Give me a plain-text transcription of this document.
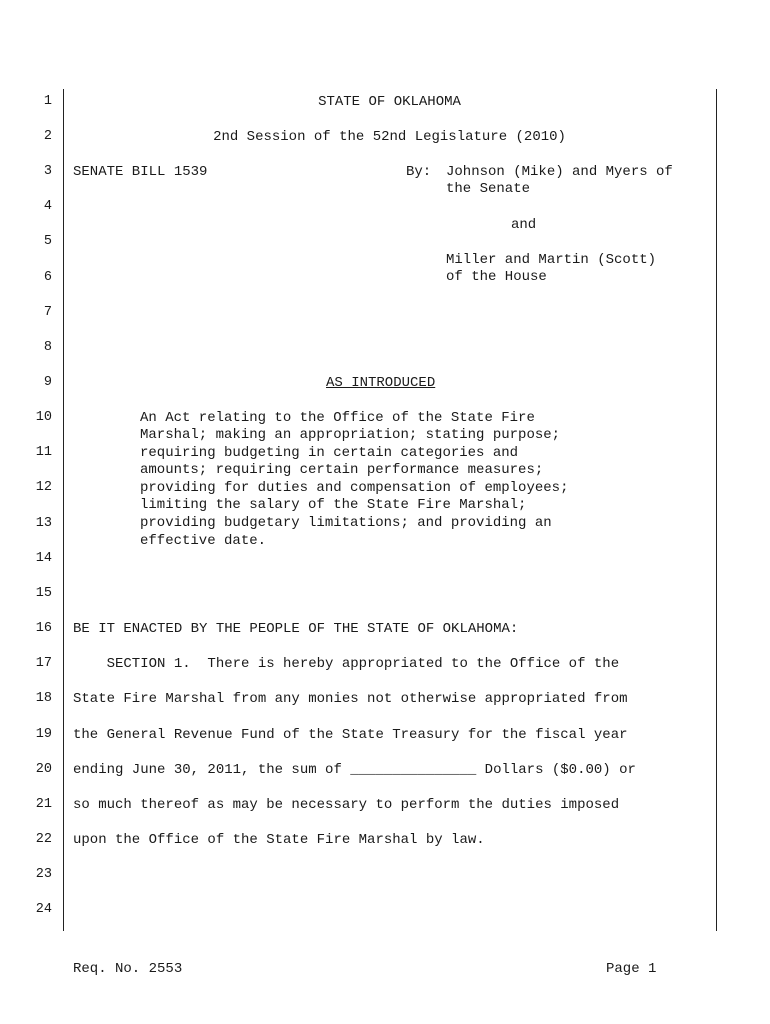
1
2
3
4
5
6
7
8
9
10
11
12
13
14
15
16
17
18
19
20
21
22
23
24
STATE OF OKLAHOMA
2nd Session of the 52nd Legislature (2010)
SENATE BILL 1539	By: Johnson (Mike) and Myers of
the Senate
and
Miller and Martin (Scott)
of the House
AS INTRODUCED
An Act relating to the Office of the State Fire
Marshal; making an appropriation; stating purpose;
requiring budgeting in certain categories and
amounts; requiring certain performance measures;
providing for duties and compensation of employees;
limiting the salary of the State Fire Marshal;
providing budgetary limitations; and providing an
effective date.
BE IT ENACTED BY THE PEOPLE OF THE STATE OF OKLAHOMA:
SECTION 1.  There is hereby appropriated to the Office of the
State Fire Marshal from any monies not otherwise appropriated from
the General Revenue Fund of the State Treasury for the fiscal year
ending June 30, 2011, the sum of _______________ Dollars ($0.00) or
so much thereof as may be necessary to perform the duties imposed
upon the Office of the State Fire Marshal by law.
Req. No. 2553	Page 1
